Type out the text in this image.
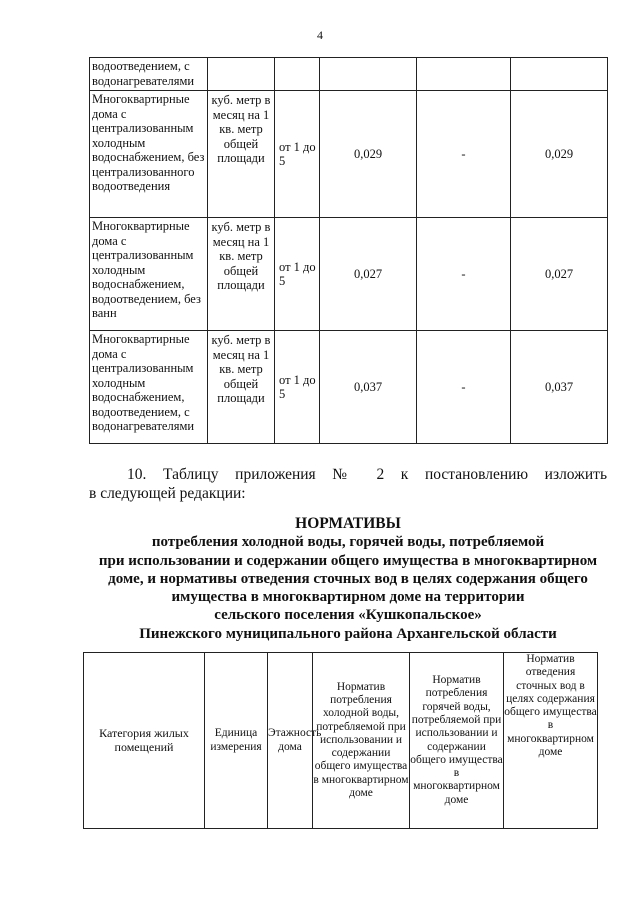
4
водоотведением, с водонагревателями					
Многоквартирные дома с централизованным холодным водоснабжением, без централизованного водоотведения	куб. метр в месяц на 1 кв. метр общей площади	от 1 до 5	0,029	-	0,029
Многоквартирные дома с централизованным холодным водоснабжением, водоотведением, без ванн	куб. метр в месяц на 1 кв. метр общей площади	от 1 до 5	0,027	-	0,027
Многоквартирные дома с централизованным холодным водоснабжением, водоотведением, с водонагревателями	куб. метр в месяц на 1 кв. метр общей площади	от 1 до 5	0,037	-	0,037
10. Таблицу приложения № 2 к постановлению изложить
в следующей редакции:
НОРМАТИВЫ
потребления холодной воды, горячей воды, потребляемой
при использовании и содержании общего имущества в многоквартирном
доме, и нормативы отведения сточных вод в целях содержания общего
имущества в многоквартирном доме на территории
сельского поселения «Кушкопальское»
Пинежского муниципального района Архангельской области
Категория жилых помещений	Единица измерения	Этажность дома	Норматив потребления холодной воды, потребляемой при использовании и содержании общего имущества в многоквартирном доме	Норматив потребления горячей воды, потребляемой при использовании и содержании общего имущества в многоквартирном доме	Норматив отведения сточных вод в целях содержания общего имущества в многоквартирном доме
